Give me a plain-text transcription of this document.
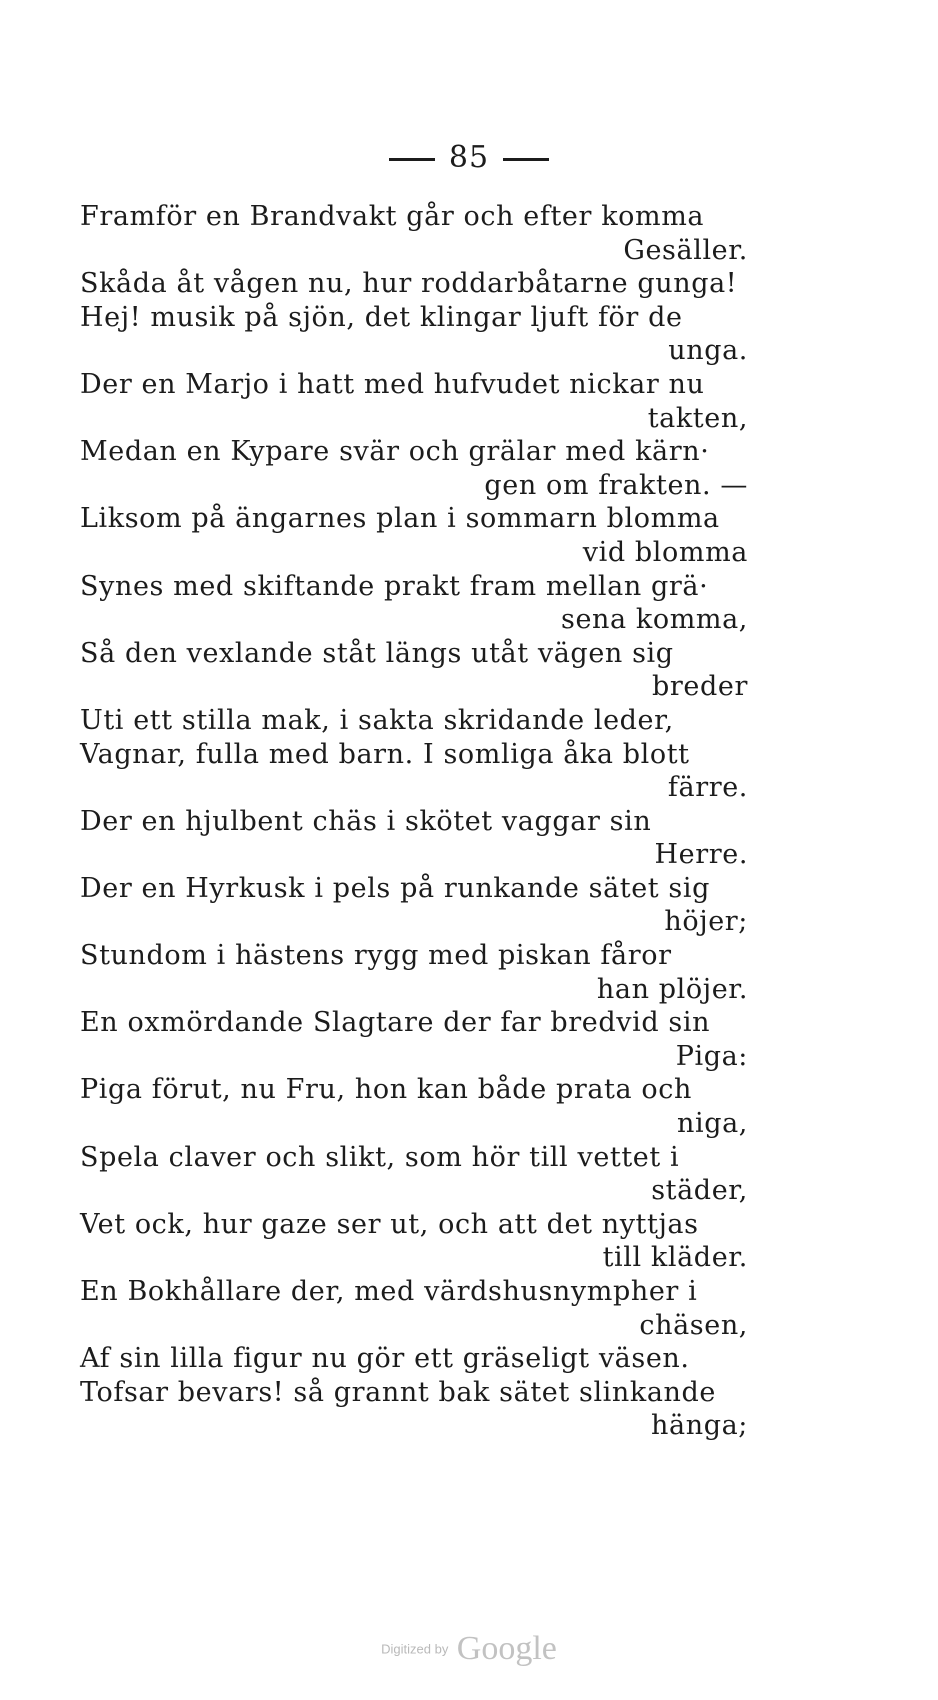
85
Framför en Brandvakt går och efter komma
Gesäller.
Skåda åt vågen nu, hur roddarbåtarne gunga!
Hej! musik på sjön, det klingar ljuft för de
unga.
Der en Marjo i hatt med hufvudet nickar nu
takten,
Medan en Kypare svär och grälar med kärn·
gen om frakten. —
Liksom på ängarnes plan i sommarn blomma
vid blomma
Synes med skiftande prakt fram mellan grä·
sena komma,
Så den vexlande ståt längs utåt vägen sig
breder
Uti ett stilla mak, i sakta skridande leder,
Vagnar, fulla med barn. I somliga åka blott
färre.
Der en hjulbent chäs i skötet vaggar sin
Herre.
Der en Hyrkusk i pels på runkande sätet sig
höjer;
Stundom i hästens rygg med piskan fåror
han plöjer.
En oxmördande Slagtare der far bredvid sin
Piga:
Piga förut, nu Fru, hon kan både prata och
niga,
Spela claver och slikt, som hör till vettet i
städer,
Vet ock, hur gaze ser ut, och att det nyttjas
till kläder.
En Bokhållare der, med värdshusnympher i
chäsen,
Af sin lilla figur nu gör ett gräseligt väsen.
Tofsar bevars! så grannt bak sätet slinkande
hänga;
Digitized by Google
